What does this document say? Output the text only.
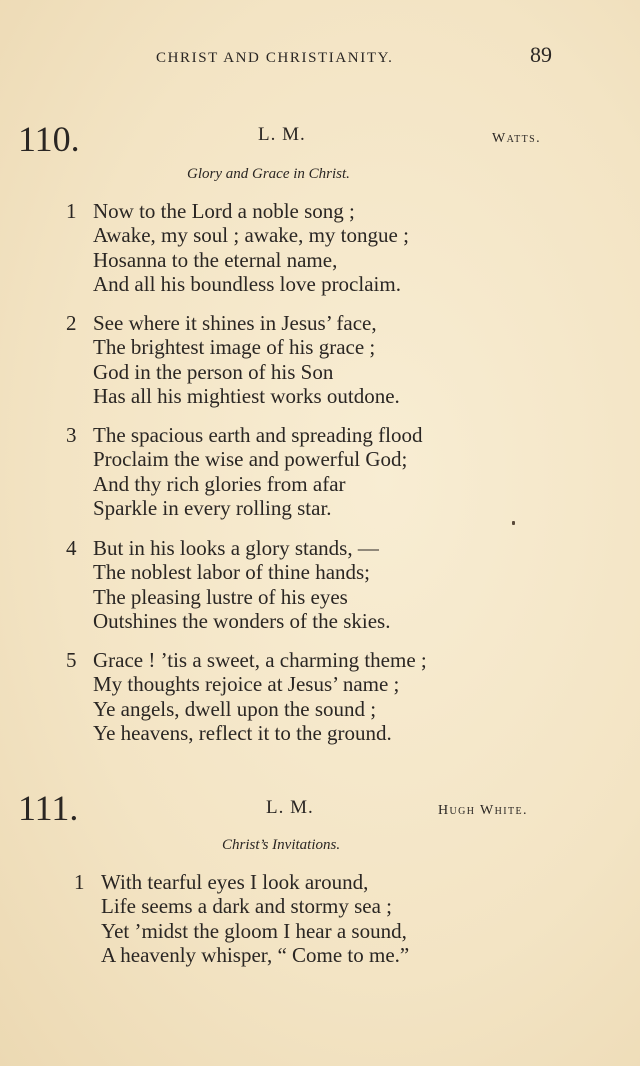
CHRIST AND CHRISTIANITY.	89
110.	L. M.	Watts.
Glory and Grace in Christ.
1 Now to the Lord a noble song ;
Awake, my soul ; awake, my tongue ;
Hosanna to the eternal name,
And all his boundless love proclaim.
2 See where it shines in Jesus’ face,
The brightest image of his grace ;
God in the person of his Son
Has all his mightiest works outdone.
3 The spacious earth and spreading flood
Proclaim the wise and powerful God;
And thy rich glories from afar
Sparkle in every rolling star.
4 But in his looks a glory stands, —
The noblest labor of thine hands;
The pleasing lustre of his eyes
Outshines the wonders of the skies.
5 Grace ! ’tis a sweet, a charming theme ;
My thoughts rejoice at Jesus’ name ;
Ye angels, dwell upon the sound ;
Ye heavens, reflect it to the ground.
111.	L. M.	Hugh White.
Christ’s Invitations.
1 With tearful eyes I look around,
Life seems a dark and stormy sea ;
Yet ’midst the gloom I hear a sound,
A heavenly whisper, “ Come to me.”
